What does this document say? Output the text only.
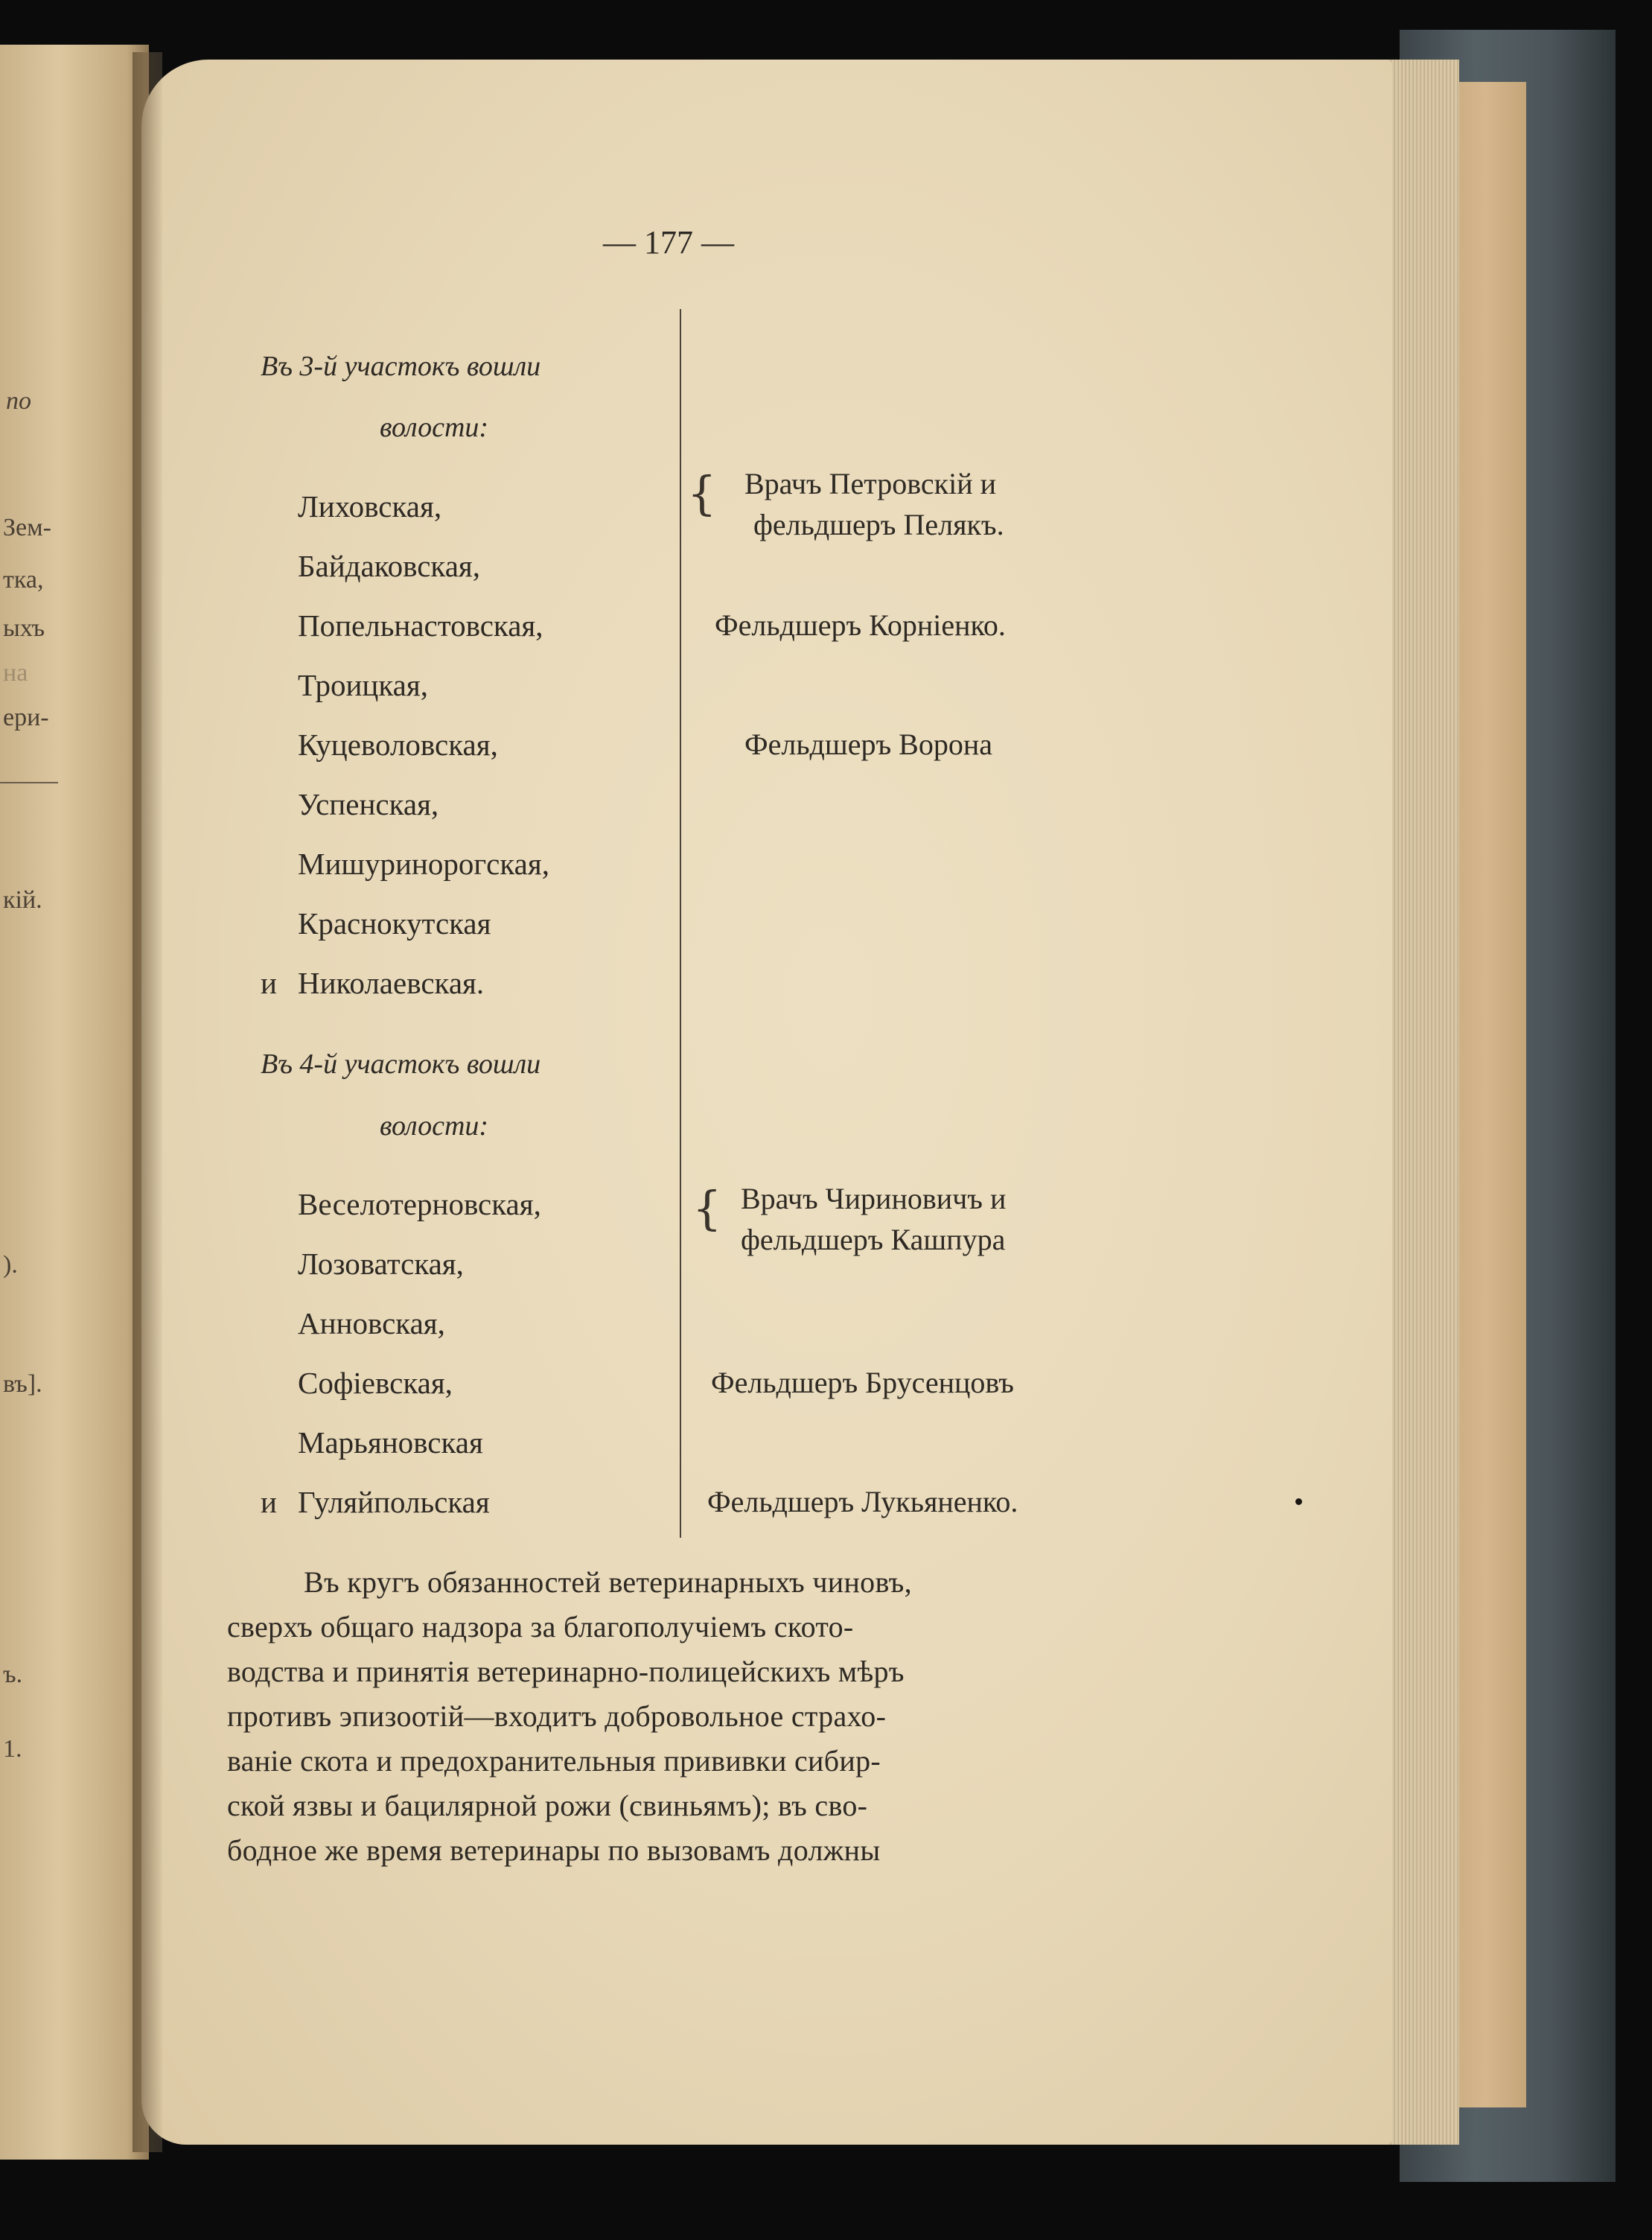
по
Зем-
тка,
ыхъ
на
ери-
кій.
).
въ].
ъ.
1.
— 177 —
Въ 3-й участокъ вошли
волости:
Лиховская,
Байдаковская,
Попельнастовская,
Троицкая,
Куцеволовская,
Успенская,
Мишуринорогская,
Краснокутская
и Николаевская.
{ Врачъ Петровскій и
фельдшеръ Пелякъ.
Фельдшеръ Корніенко.
Фельдшеръ Ворона
Въ 4-й участокъ вошли
волости:
Веселотерновская,
Лозоватская,
Анновская,
Софіевская,
Марьяновская
и Гуляйпольская
{ Врачъ Чириновичъ и
фельдшеръ Кашпура
Фельдшеръ Брусенцовъ
Фельдшеръ Лукьяненко.
Въ кругъ обязанностей ветеринарныхъ чиновъ,
сверхъ общаго надзора за благополучіемъ ското-
водства и принятія ветеринарно-полицейскихъ мѣръ
противъ эпизоотій—входитъ добровольное страхо-
ваніе скота и предохранительныя прививки сибир-
ской язвы и бацилярной рожи (свиньямъ); въ сво-
бодное же время ветеринары по вызовамъ должны
